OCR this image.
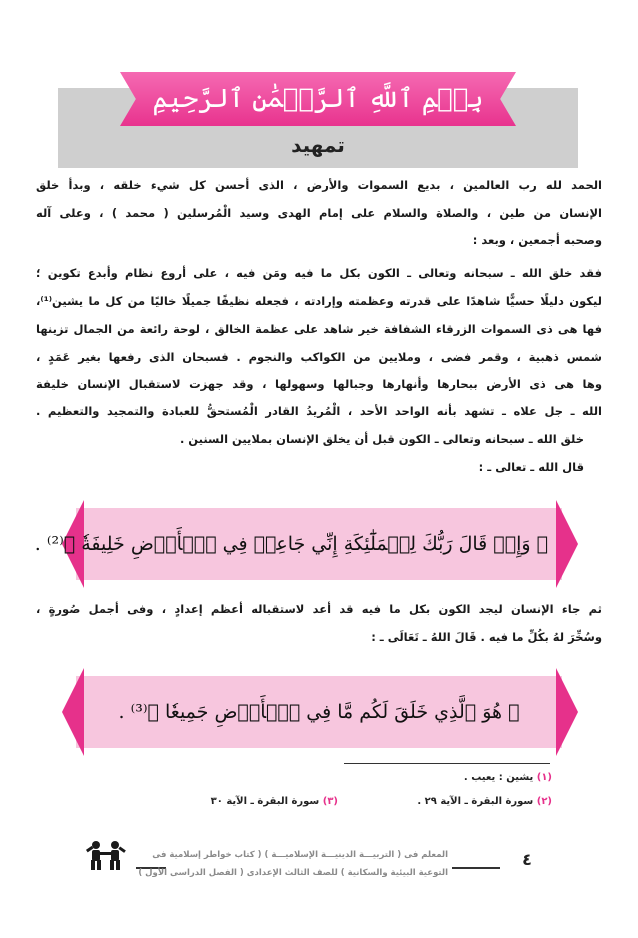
بِسۡمِ ٱللَّهِ ٱلرَّحۡمَٰنِ ٱلرَّحِيمِ
تمهيد
الحمد لله رب العالمين ، بديع السموات والأرض ، الذى أحسن كل شيء خلقه ، وبدأ خلق
الإنسان من طين ، والصلاة والسلام على إمام الهدى وسيد الْمُرسلين ( محمد ) ، وعلى آله
وصحبه أجمعين ، وبعد :
فقد خلق الله ـ سبحانه وتعالى ـ الكون بكل ما فيه ومَن فيه ، على أروع نظام وأبدع تكوين ؛
ليكون دليلًا حسيًّا شاهدًا على قدرته وعظمته وإرادته ، فجعله نظيفًا جميلًا خاليًا من كل ما يشين⁽¹⁾،
فها هى ذى السموات الزرقاء الشفافة خير شاهد على عظمة الخالق ، لوحة رائعة من الجمال تزينها
شمس ذهبية ، وقمر فضى ، وملايين من الكواكب والنجوم . فسبحان الذى رفعها بغير عَمَدٍ ،
وها هى ذى الأرض ببحارها وأنهارها وجبالها وسهولها ، وقد جهزت لاستقبال الإنسان خليفة
الله ـ جل علاه ـ تشهد بأنه الواحد الأحد ، الْمُريدُ القادر الْمُستحقُّ للعبادة والتمجيد والتعظيم .
خلق الله ـ سبحانه وتعالى ـ الكون قبل أن يخلق الإنسان بملايين السنين .
قال الله ـ تعالى ـ :
﴿ وَإِذۡ قَالَ رَبُّكَ لِلۡمَلَٰٓئِكَةِ إِنِّي جَاعِلٞ فِي ٱلۡأَرۡضِ خَلِيفَةٗ ﴾⁽²⁾ .
ثم جاء الإنسان ليجد الكون بكل ما فيه قد أعد لاستقباله أعظم إعدادٍ ، وفى أجمل صُورةٍ ،
وسُخِّرَ لهُ بكُلِّ ما فيه . قَالَ اللهُ ـ تَعَالَى ـ :
﴿ هُوَ ٱلَّذِي خَلَقَ لَكُم مَّا فِي ٱلۡأَرۡضِ جَمِيعٗا ﴾⁽³⁾ .
(١) يشين : يعيب .
(٢) سورة البقرة ـ الآية ٢٩ .
(٣) سورة البقرة ـ الآية ٣٠
٤
المعلم فى ( التربيـــة الدينيـــة الإسلاميـــة ) ( كتاب خواطر إسلامية فى
التوعية البيئية والسكانية ) للصف الثالث الإعدادى ( الفصل الدراسى الأول )
